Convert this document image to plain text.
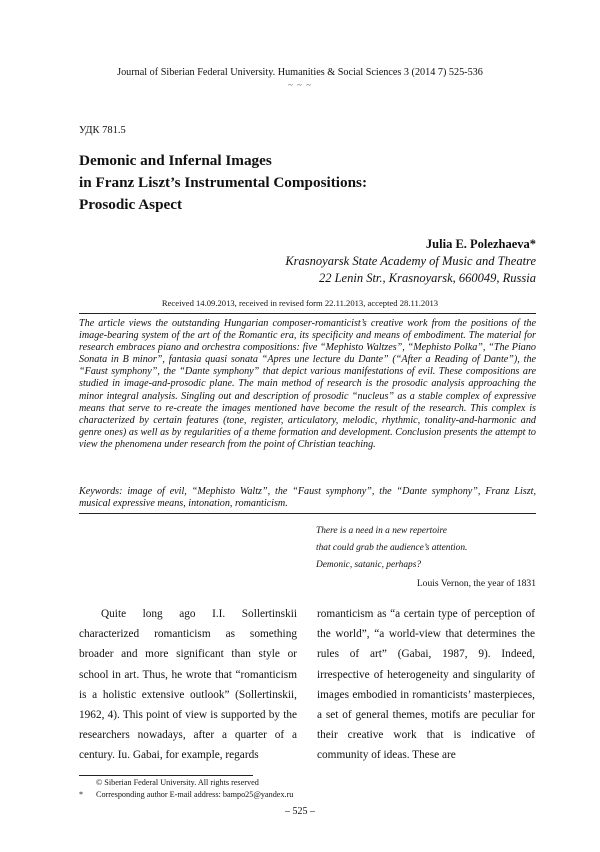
Journal of Siberian Federal University. Humanities & Social Sciences 3 (2014 7) 525-536
~ ~ ~
УДК 781.5
Demonic and Infernal Images
in Franz Liszt’s Instrumental Compositions:
Prosodic Aspect
Julia E. Polezhaeva*
Krasnoyarsk State Academy of Music and Theatre
22 Lenin Str., Krasnoyarsk, 660049, Russia
Received 14.09.2013, received in revised form 22.11.2013, accepted 28.11.2013
The article views the outstanding Hungarian composer-romanticist’s creative work from the positions of the image-bearing system of the art of the Romantic era, its specificity and means of embodiment. The material for research embraces piano and orchestra compositions: five “Mephisto Waltzes”, “Mephisto Polka”, “The Piano Sonata in B minor”, fantasia quasi sonata “Apres une lecture du Dante” (“After a Reading of Dante”), the “Faust symphony”, the “Dante symphony” that depict various manifestations of evil. These compositions are studied in image-and-prosodic plane. The main method of research is the prosodic analysis approaching the minor integral analysis. Singling out and description of prosodic “nucleus” as a stable complex of expressive means that serve to re-create the images mentioned have become the result of the research. This complex is characterized by certain features (tone, register, articulatory, melodic, rhythmic, tonality-and-harmonic and genre ones) as well as by regularities of a theme formation and development. Conclusion presents the attempt to view the phenomena under research from the point of Christian teaching.
Keywords: image of evil, “Mephisto Waltz”, the “Faust symphony”, the “Dante symphony”, Franz Liszt, musical expressive means, intonation, romanticism.
There is a need in a new repertoire
that could grab the audience’s attention.
Demonic, satanic, perhaps?
Louis Vernon, the year of 1831

Quite long ago I.I. Sollertinskii characterized romanticism as something broader and more significant than style or school in art. Thus, he wrote that “romanticism is a holistic extensive outlook” (Sollertinskii, 1962, 4). This point of view is supported by the researchers nowadays, after a quarter of a century. Iu. Gabai, for example, regards

romanticism as “a certain type of perception of the world”, “a world-view that determines the rules of art” (Gabai, 1987, 9). Indeed, irrespective of heterogeneity and singularity of images embodied in romanticists’ masterpieces, a set of general themes, motifs are peculiar for their creative work that is indicative of community of ideas. These are

© Siberian Federal University. All rights reserved
* Corresponding author E-mail address: bampo25@yandex.ru
– 525 –
